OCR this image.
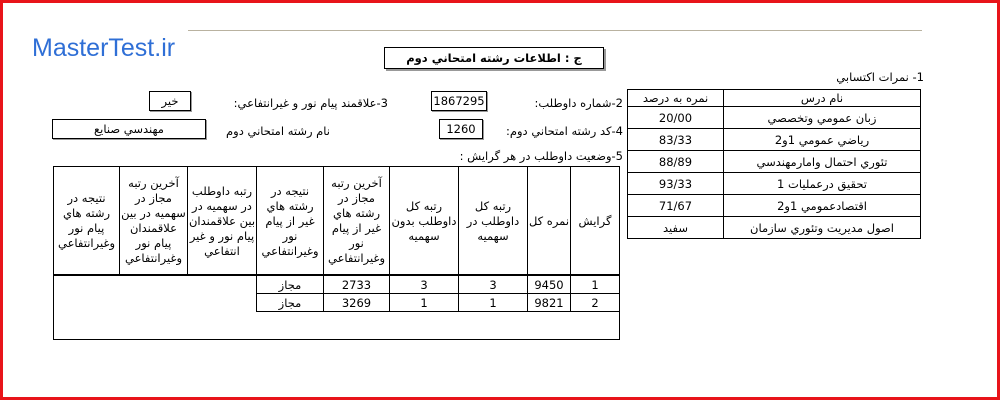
MasterTest.ir	ج : اطلاعات رشته امتحاني دوم
1- نمرات اكتسابي
نام درس	نمره به درصد
زبان عمومي وتخصصي	20/00
رياضي عمومي 1و2	83/33
تئوري احتمال وامارمهندسي	88/89
تحقيق درعمليات 1	93/33
اقتصادعمومي 1و2	71/67
اصول مديريت وتئوري سازمان	سفيد
2-شماره داوطلب:
1867295
3-علاقمند پيام نور و غيرانتفاعي:
خير
4-كد رشته امتحاني دوم:
1260
نام رشته امتحاني دوم
مهندسي صنايع
5-وضعيت داوطلب در هر گرايش :
گرايش	نمره كل	رتبه كل داوطلب در سهميه	رتبه كل داوطلب بدون سهميه	آخرين رتبه مجاز در رشته هاي غير از پيام نور وغيرانتفاعي	نتيجه در رشته هاي غير از پيام نور وغيرانتفاعي	رتبه داوطلب در سهميه در بين علاقمندان پيام نور و غير انتفاعي	آخرين رتبه مجاز در سهميه در بين علاقمندان پيام نور وغيرانتفاعي	نتيجه در رشته هاي پيام نور وغيرانتفاعي
1	9450	3	3	2733	مجاز			
2	9821	1	1	3269	مجاز			
